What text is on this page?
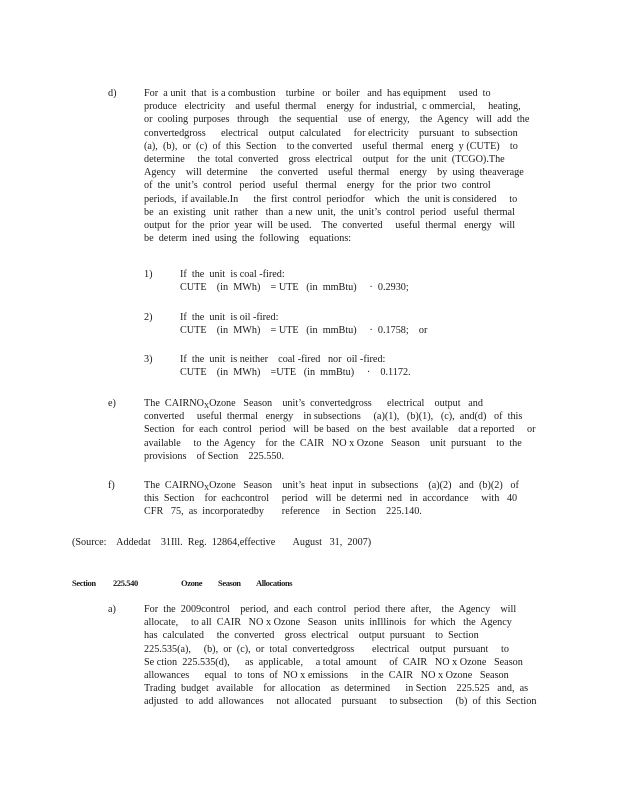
d)	For  a unit  that  is a combustion    turbine   or  boiler   and  has equipment     used  to
produce   electricity    and  useful  thermal    energy  for  industrial,  c ommercial,     heating,
or  cooling  purposes   through    the  sequential    use  of  energy,    the  Agency   will  add  the
convertedgross      electrical    output  calculated     for electricity    pursuant   to  subsection
(a),  (b),  or  (c)  of  this  Section    to the converted    useful  thermal   energ  y (CUTE)    to
determine     the  total  converted    gross  electrical    output   for  the  unit  (TCGO).The
Agency    will  determine     the  converted    useful  thermal    energy    by  using  theaverage
of  the  unit’s  control   period   useful   thermal    energy   for  the  prior  two  control
periods,  if available.In      the  first  control  periodfor    which   the  unit is considered     to
be  an  existing   unit  rather   than  a new  unit,  the  unit’s  control  period   useful  thermal
output  for  the  prior  year  will  be used.    The  converted     useful  thermal   energy   will
be  determ  ined  using  the  following    equations:
1)	If  the  unit  is coal -fired:
CUTE    (in  MWh)    = UTE   (in  mmBtu)     ·  0.2930;
2)	If  the  unit  is oil -fired:
CUTE    (in  MWh)    = UTE   (in  mmBtu)     ·  0.1758;    or
3)	If  the  unit  is neither    coal -fired   nor  oil -fired:
CUTE    (in  MWh)    =UTE   (in  mmBtu)     ·    0.1172.
e)	The  CAIRNOXOzone   Season    unit’s  convertedgross      electrical    output   and
converted     useful  thermal   energy    in subsections     (a)(1),   (b)(1),   (c),  and(d)   of  this
Section   for  each  control   period   will  be based   on  the  best  available    dat a reported     or
available     to  the  Agency    for  the  CAIR   NO x Ozone   Season    unit  pursuant    to  the
provisions    of Section    225.550.
f)	The  CAIRNOXOzone   Season    unit’s  heat  input  in  subsections    (a)(2)   and  (b)(2)   of
this  Section    for  eachcontrol     period   will  be  determi  ned   in  accordance     with   40
CFR   75,  as  incorporatedby       reference     in  Section    225.140.
(Source:    Addedat    31Ill.  Reg.  12864,effective       August   31,  2007)
Section 225.540	Ozone Season Allocations
a)	For  the  2009control    period,  and  each  control   period  there  after,    the  Agency    will
allocate,     to all  CAIR   NO x Ozone   Season   units  inIllinois   for  which   the  Agency
has  calculated     the  converted    gross  electrical    output  pursuant    to  Section
225.535(a),     (b),  or  (c),  or  total  convertedgross       electrical    output   pursuant     to
Se ction  225.535(d),      as  applicable,     a total  amount     of  CAIR   NO x Ozone   Season
allowances      equal   to  tons  of  NO x emissions     in the  CAIR   NO x Ozone   Season
Trading  budget   available    for  allocation    as  determined      in Section    225.525   and,  as
adjusted   to  add  allowances     not  allocated    pursuant     to subsection     (b)  of  this  Section
